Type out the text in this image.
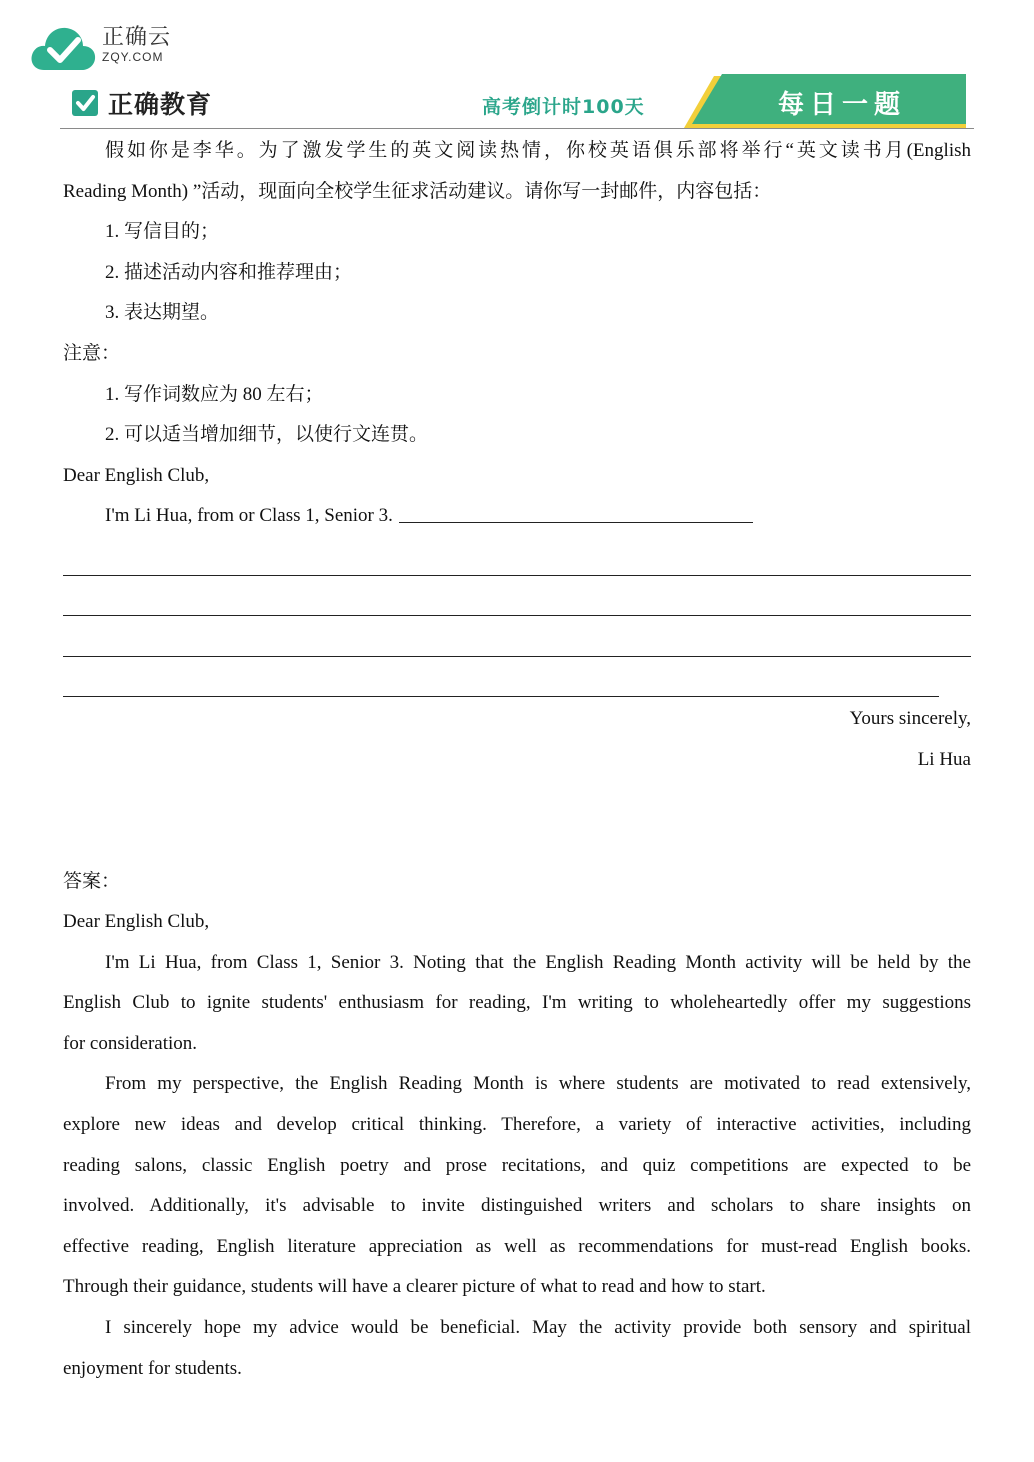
正确云
ZQY.COM
正确教育	高考倒计时100天	每日一题
假如你是李华。为了激发学生的英文阅读热情，你校英语俱乐部将举行“英文读书月(English
Reading Month) ”活动，现面向全校学生征求活动建议。请你写一封邮件，内容包括：
1. 写信目的；
2. 描述活动内容和推荐理由；
3. 表达期望。
注意：
1. 写作词数应为 80 左右；
2. 可以适当增加细节，以使行文连贯。
Dear English Club,
I'm Li Hua, from or Class 1, Senior 3.
Yours sincerely,
Li Hua
答案：
Dear English Club,
I'm Li Hua, from Class 1, Senior 3. Noting that the English Reading Month activity will be held by the
English Club to ignite students' enthusiasm for reading, I'm writing to wholeheartedly offer my suggestions
for consideration.
From my perspective, the English Reading Month is where students are motivated to read extensively,
explore new ideas and develop critical thinking. Therefore, a variety of interactive activities, including
reading salons, classic English poetry and prose recitations, and quiz competitions are expected to be
involved. Additionally, it's advisable to invite distinguished writers and scholars to share insights on
effective reading, English literature appreciation as well as recommendations for must-read English books.
Through their guidance, students will have a clearer picture of what to read and how to start.
I sincerely hope my advice would be beneficial. May the activity provide both sensory and spiritual
enjoyment for students.
